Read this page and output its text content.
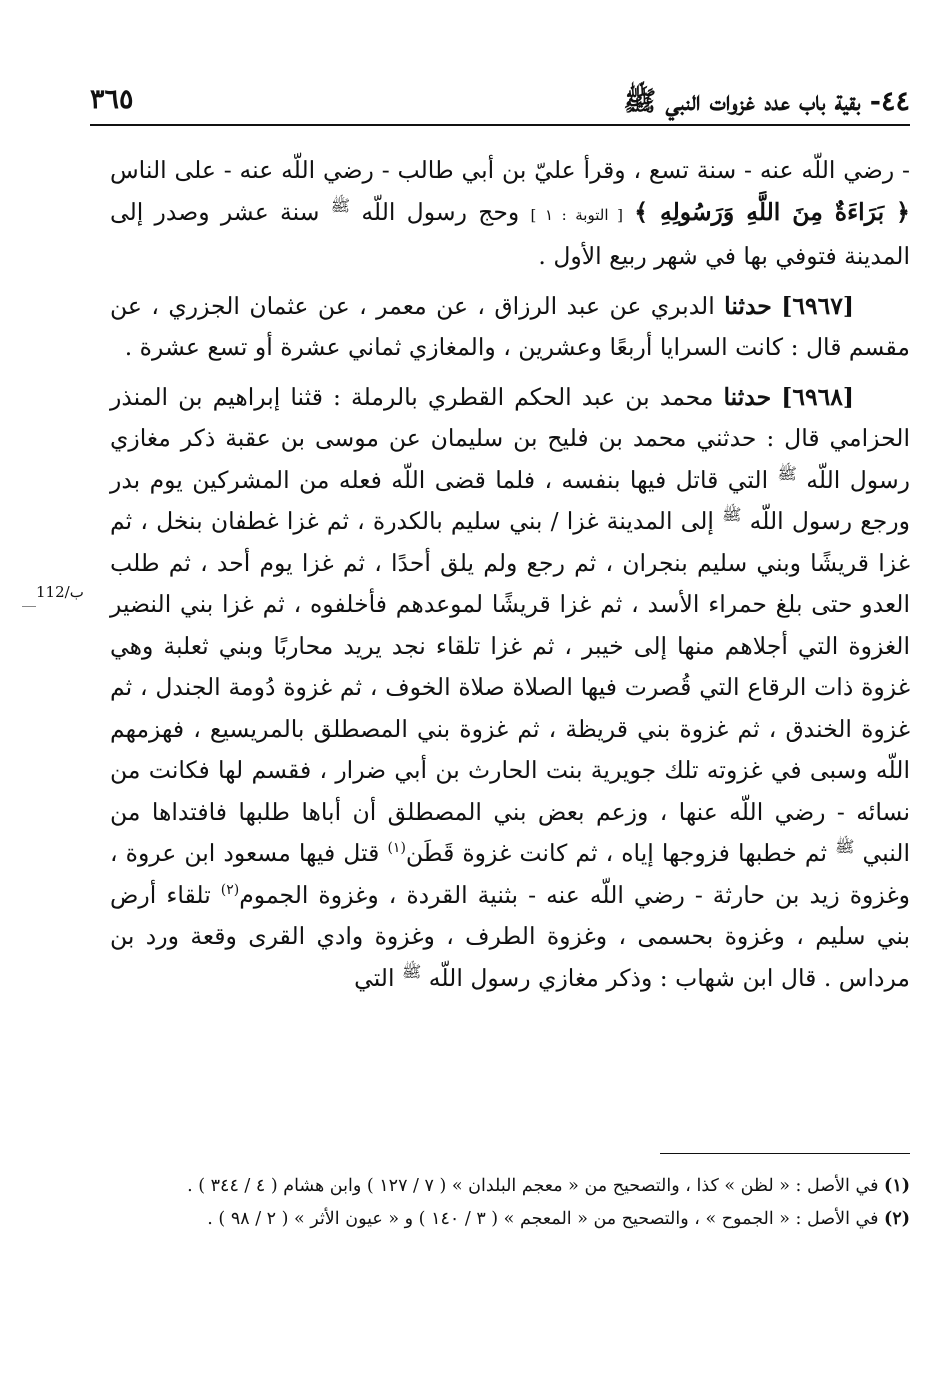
٤٤- بقية باب عدد غزوات النبي ﷺ
٣٦٥
112/ب

- رضي اللّه عنه - سنة تسع ، وقرأ عليّ بن أبي طالب - رضي اللّه عنه - على الناس ﴿ بَرَاءَةٌ مِنَ اللَّهِ وَرَسُولِهِ ﴾ [ التوبة : ١ ] وحج رسول اللّه $^ﷺ$ سنة عشر وصدر إلى المدينة فتوفي بها في شهر ربيع الأول .

[٦٩٦٧] حدثنا الدبري عن عبد الرزاق ، عن معمر ، عن عثمان الجزري ، عن مقسم قال : كانت السرايا أربعًا وعشرين ، والمغازي ثماني عشرة أو تسع عشرة .

[٦٩٦٨] حدثنا محمد بن عبد الحكم القطري بالرملة : قثنا إبراهيم بن المنذر الحزامي قال : حدثني محمد بن فليح بن سليمان عن موسى بن عقبة ذكر مغازي رسول اللّه $^ﷺ$ التي قاتل فيها بنفسه ، فلما قضى اللّه فعله من المشركين يوم بدر ورجع رسول اللّه $^ﷺ$ إلى المدينة غزا / بني سليم بالكدرة ، ثم غزا غطفان بنخل ، ثم غزا قريشًا وبني سليم بنجران ، ثم رجع ولم يلق أحدًا ، ثم غزا يوم أحد ، ثم طلب العدو حتى بلغ حمراء الأسد ، ثم غزا قريشًا لموعدهم فأخلفوه ، ثم غزا بني النضير الغزوة التي أجلاهم منها إلى خيبر ، ثم غزا تلقاء نجد يريد محاربًا وبني ثعلبة وهي غزوة ذات الرقاع التي قُصرت فيها الصلاة صلاة الخوف ، ثم غزوة دُومة الجندل ، ثم غزوة الخندق ، ثم غزوة بني قريظة ، ثم غزوة بني المصطلق بالمريسيع ، فهزمهم اللّه وسبى في غزوته تلك جويرية بنت الحارث بن أبي ضرار ، فقسم لها فكانت من نسائه - رضي اللّه عنها ، وزعم بعض بني المصطلق أن أباها طلبها فافتداها من النبي $^ﷺ$ ثم خطبها فزوجها إياه ، ثم كانت غزوة قَطَن$^{(١)}$ قتل فيها مسعود ابن عروة ، وغزوة زيد بن حارثة - رضي اللّه عنه - بثنية القردة ، وغزوة الجموم$^{(٢)}$ تلقاء أرض بني سليم ، وغزوة بحسمى ، وغزوة الطرف ، وغزوة وادي القرى وقعة ورد بن مرداس . قال ابن شهاب : وذكر مغازي رسول اللّه $^ﷺ$ التي

(١) في الأصل : « لظن » كذا ، والتصحيح من « معجم البلدان » ( ٧ / ١٢٧ ) وابن هشام ( ٤ / ٣٤٤ ) .
(٢) في الأصل : « الجموح » ، والتصحيح من « المعجم » ( ٣ / ١٤٠ ) و « عيون الأثر » ( ٢ / ٩٨ ) .
